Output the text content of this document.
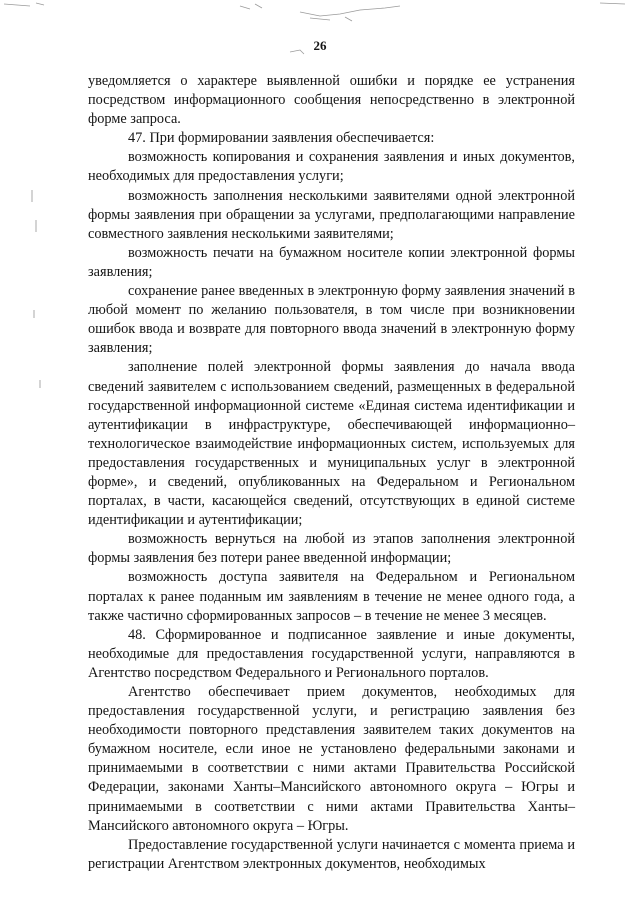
26

уведомляется о характере выявленной ошибки и порядке ее устранения посредством информационного сообщения непосредственно в электронной форме запроса.

47. При формировании заявления обеспечивается:

возможность копирования и сохранения заявления и иных документов, необходимых для предоставления услуги;

возможность заполнения несколькими заявителями одной электронной формы заявления при обращении за услугами, предполагающими направление совместного заявления несколькими заявителями;

возможность печати на бумажном носителе копии электронной формы заявления;

сохранение ранее введенных в электронную форму заявления значений в любой момент по желанию пользователя, в том числе при возникновении ошибок ввода и возврате для повторного ввода значений в электронную форму заявления;

заполнение полей электронной формы заявления до начала ввода сведений заявителем с использованием сведений, размещенных в федеральной государственной информационной системе «Единая система идентификации и аутентификации в инфраструктуре, обеспечивающей информационно–технологическое взаимодействие информационных систем, используемых для предоставления государственных и муниципальных услуг в электронной форме», и сведений, опубликованных на Федеральном и Региональном порталах, в части, касающейся сведений, отсутствующих в единой системе идентификации и аутентификации;

возможность вернуться на любой из этапов заполнения электронной формы заявления без потери ранее введенной информации;

возможность доступа заявителя на Федеральном и Региональном порталах к ранее поданным им заявлениям в течение не менее одного года, а также частично сформированных запросов – в течение не менее 3 месяцев.

48. Сформированное и подписанное заявление и иные документы, необходимые для предоставления государственной услуги, направляются в Агентство посредством Федерального и Регионального порталов.

Агентство обеспечивает прием документов, необходимых для предоставления государственной услуги, и регистрацию заявления без необходимости повторного представления заявителем таких документов на бумажном носителе, если иное не установлено федеральными законами и принимаемыми в соответствии с ними актами Правительства Российской Федерации, законами Ханты–Мансийского автономного округа – Югры и принимаемыми в соответствии с ними актами Правительства Ханты–Мансийского автономного округа – Югры.

Предоставление государственной услуги начинается с момента приема и регистрации Агентством электронных документов, необходимых
